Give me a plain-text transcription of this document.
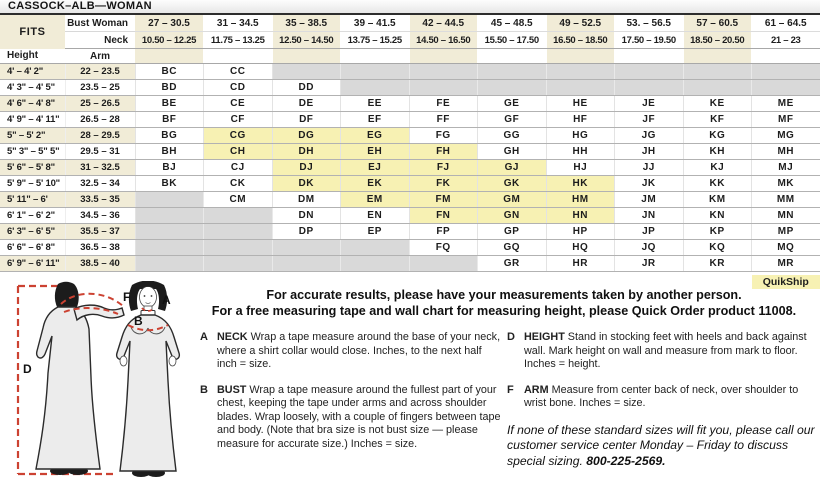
CASSOCK–ALB—WOMAN
FITS	Bust Woman	27 – 30.5	31 – 34.5	35 – 38.5	39 – 41.5	42 – 44.5	45 – 48.5	49 – 52.5	53. – 56.5	57 – 60.5	61 – 64.5
	Neck	10.50 – 12.25	11.75 – 13.25	12.50 – 14.50	13.75 – 15.25	14.50 – 16.50	15.50 – 17.50	16.50 – 18.50	17.50 – 19.50	18.50 – 20.50	21 – 23
Height	Arm										
4' – 4' 2"	22 – 23.5	BC	CC								
4' 3" – 4' 5"	23.5 – 25	BD	CD	DD							
4' 6" – 4' 8"	25 – 26.5	BE	CE	DE	EE	FE	GE	HE	JE	KE	ME
4' 9" – 4' 11"	26.5 – 28	BF	CF	DF	EF	FF	GF	HF	JF	KF	MF
5" – 5' 2"	28 – 29.5	BG	CG	DG	EG	FG	GG	HG	JG	KG	MG
5" 3" – 5" 5"	29.5 – 31	BH	CH	DH	EH	FH	GH	HH	JH	KH	MH
5' 6" – 5' 8"	31 – 32.5	BJ	CJ	DJ	EJ	FJ	GJ	HJ	JJ	KJ	MJ
5' 9" – 5' 10"	32.5 – 34	BK	CK	DK	EK	FK	GK	HK	JK	KK	MK
5' 11" – 6'	33.5 – 35		CM	DM	EM	FM	GM	HM	JM	KM	MM
6' 1" – 6' 2"	34.5 – 36			DN	EN	FN	GN	HN	JN	KN	MN
6' 3" – 6' 5"	35.5 – 37			DP	EP	FP	GP	HP	JP	KP	MP
6' 6" – 6' 8"	36.5 – 38					FQ	GQ	HQ	JQ	KQ	MQ
6' 9" – 6' 11"	38.5 – 40						GR	HR	JR	KR	MR

											QuikShip
For accurate results, please have your measurements taken by another person.
For a free measuring tape and wall chart for measuring height, please Quick Order product 11008.
A NECK Wrap a tape measure around the base of your neck, where a shirt collar would close. Inches, to the next half inch = size.

B BUST Wrap a tape measure around the fullest part of your chest, keeping the tape under arms and across shoulder blades. Wrap loosely, with a couple of fingers between tape and body. (Note that bra size is not bust size — please measure for accurate size.) Inches = size.

D HEIGHT Stand in stocking feet with heels and back against wall. Mark height on wall and measure from mark to floor. Inches = height.

F ARM Measure from center back of neck, over shoulder to wrist bone. Inches = size.

If none of these standard sizes will fit you, please call our customer service center Monday – Friday to discuss special sizing. 800-225-2569.

D
F	A
B
